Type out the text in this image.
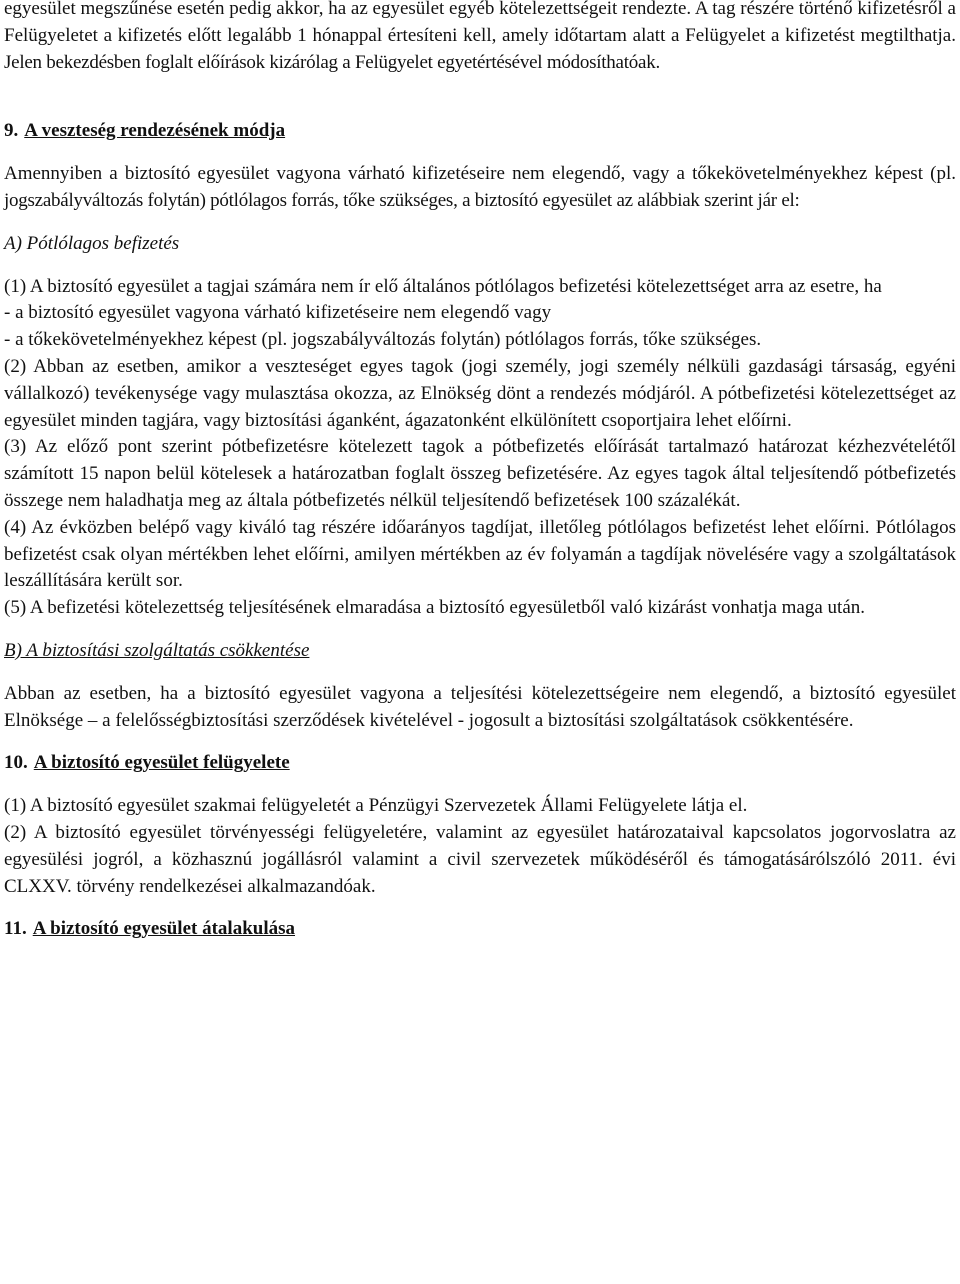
egyesület megszűnése esetén pedig akkor, ha az egyesület egyéb kötelezettségeit rendezte. A tag részére történő kifizetésről a Felügyeletet a kifizetés előtt legalább 1 hónappal értesíteni kell, amely időtartam alatt a Felügyelet a kifizetést megtilthatja. Jelen bekezdésben foglalt előírások kizárólag a Felügyelet egyetértésével módosíthatóak.

9. A veszteség rendezésének módja

Amennyiben a biztosító egyesület vagyona várható kifizetéseire nem elegendő, vagy a tőkekövetelményekhez képest (pl. jogszabályváltozás folytán) pótlólagos forrás, tőke szükséges, a biztosító egyesület az alábbiak szerint jár el:

A) Pótlólagos befizetés

(1) A biztosító egyesület a tagjai számára nem ír elő általános pótlólagos befizetési kötelezettséget arra az esetre, ha

- a biztosító egyesület vagyona várható kifizetéseire nem elegendő vagy

- a tőkekövetelményekhez képest (pl. jogszabályváltozás folytán) pótlólagos forrás, tőke szükséges.

(2) Abban az esetben, amikor a veszteséget egyes tagok (jogi személy, jogi személy nélküli gazdasági társaság, egyéni vállalkozó) tevékenysége vagy mulasztása okozza, az Elnökség dönt a rendezés módjáról. A pótbefizetési kötelezettséget az egyesület minden tagjára, vagy biztosítási áganként, ágazatonként elkülönített csoportjaira lehet előírni.

(3) Az előző pont szerint pótbefizetésre kötelezett tagok a pótbefizetés előírását tartalmazó határozat kézhezvételétől számított 15 napon belül kötelesek a határozatban foglalt összeg befizetésére. Az egyes tagok által teljesítendő pótbefizetés összege nem haladhatja meg az általa pótbefizetés nélkül teljesítendő befizetések 100 százalékát.

(4) Az évközben belépő vagy kiváló tag részére időarányos tagdíjat, illetőleg pótlólagos befizetést lehet előírni. Pótlólagos befizetést csak olyan mértékben lehet előírni, amilyen mértékben az év folyamán a tagdíjak növelésére vagy a szolgáltatások leszállítására került sor.

(5) A befizetési kötelezettség teljesítésének elmaradása a biztosító egyesületből való kizárást vonhatja maga után.

B) A biztosítási szolgáltatás csökkentése

Abban az esetben, ha a biztosító egyesület vagyona a teljesítési kötelezettségeire nem elegendő, a biztosító egyesület Elnöksége – a felelősségbiztosítási szerződések kivételével - jogosult a biztosítási szolgáltatások csökkentésére.

10. A biztosító egyesület felügyelete

(1) A biztosító egyesület szakmai felügyeletét a Pénzügyi Szervezetek Állami Felügyelete látja el.

(2) A biztosító egyesület törvényességi felügyeletére, valamint az egyesület határozataival kapcsolatos jogorvoslatra az egyesülési jogról, a közhasznú jogállásról valamint a civil szervezetek működéséről és támogatásárólszóló 2011. évi CLXXV. törvény rendelkezései alkalmazandóak.

11. A biztosító egyesület átalakulása
